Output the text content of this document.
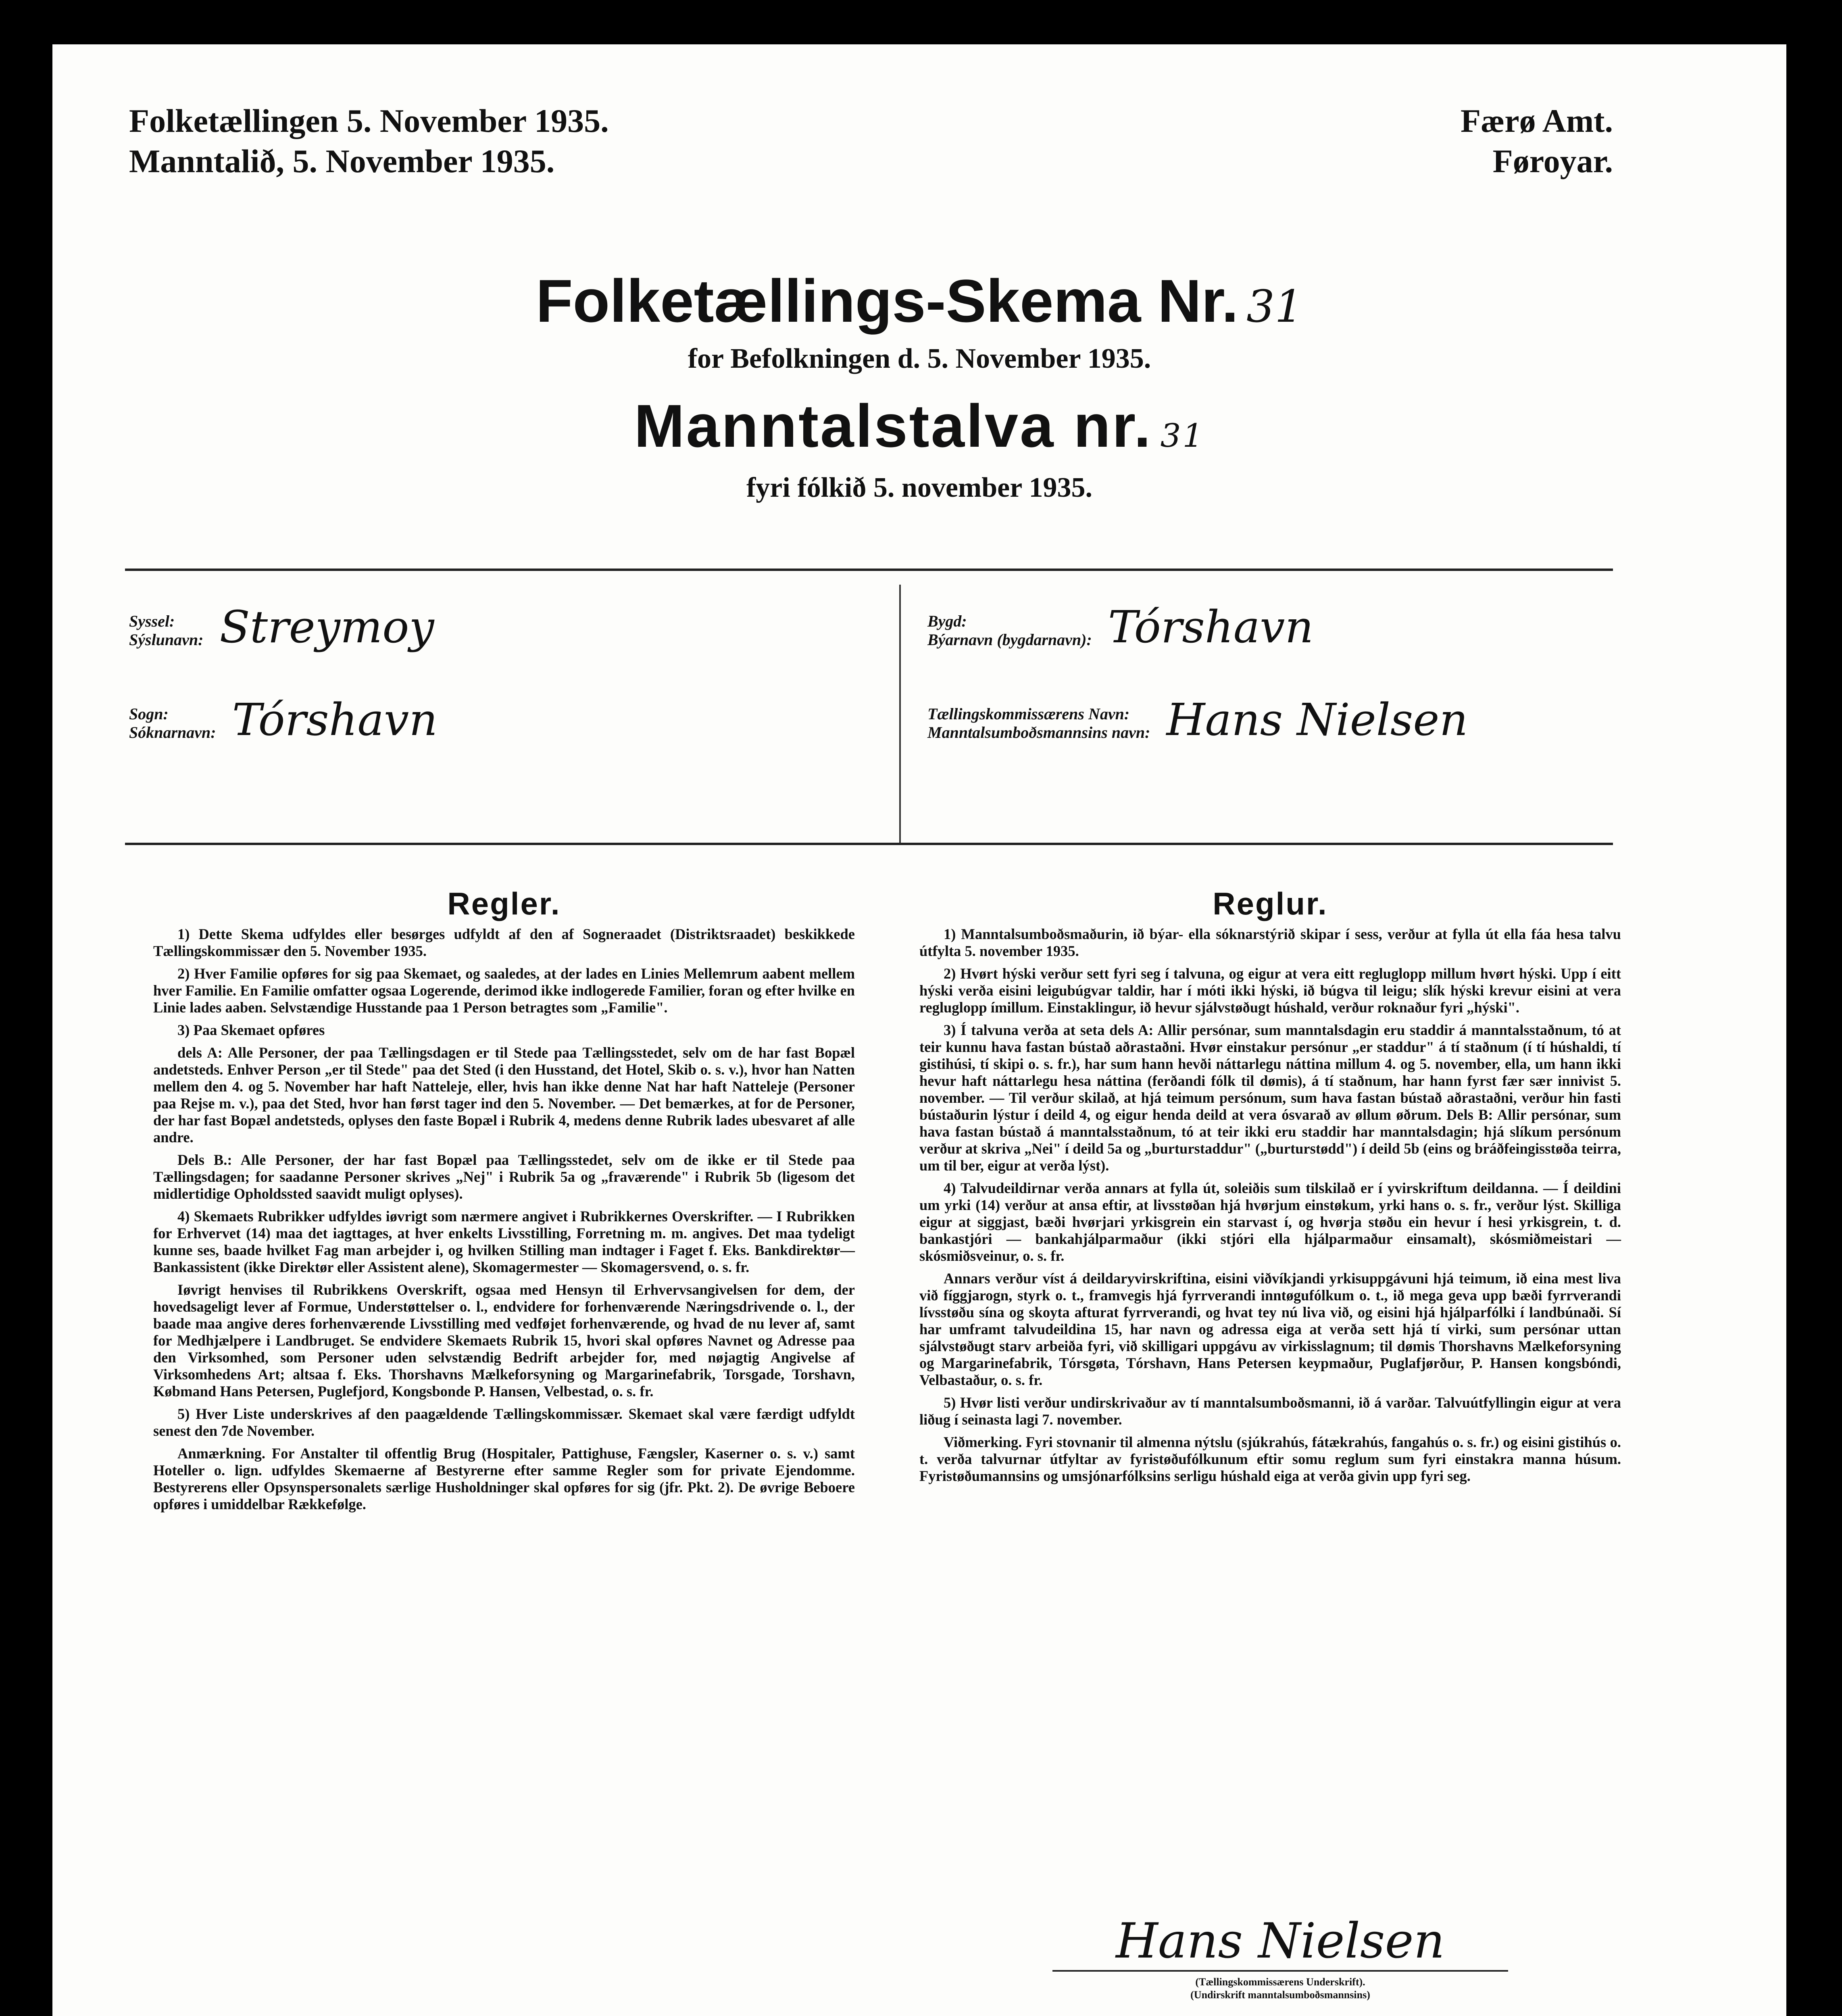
Folketællingen 5. November 1935.
Manntalið, 5. November 1935.
Færø Amt.
Føroyar.
Folketællings-Skema Nr. 31
for Befolkningen d. 5. November 1935.
Manntalstalva nr. 31
fyri fólkið 5. november 1935.
Syssel:
Sýslunavn: Streymoy
Sogn:
Sóknarnavn: Tórshavn
Bygd:
Býarnavn (bygdarnavn): Tórshavn
Tællingskommissærens Navn:
Manntalsumboðsmannsins navn: Hans Nielsen
Regler.

1) Dette Skema udfyldes eller besørges udfyldt af den af Sogneraadet (Distriktsraadet) beskikkede Tællingskommissær den 5. November 1935.

2) Hver Familie opføres for sig paa Skemaet, og saaledes, at der lades en Linies Mellemrum aabent mellem hver Familie. En Familie omfatter ogsaa Logerende, derimod ikke indlogerede Familier, foran og efter hvilke en Linie lades aaben. Selvstændige Husstande paa 1 Person betragtes som „Familie".

3) Paa Skemaet opføres

dels A: Alle Personer, der paa Tællingsdagen er til Stede paa Tællingsstedet, selv om de har fast Bopæl andetsteds. Enhver Person „er til Stede" paa det Sted (i den Husstand, det Hotel, Skib o. s. v.), hvor han Natten mellem den 4. og 5. November har haft Natteleje, eller, hvis han ikke denne Nat har haft Natteleje (Personer paa Rejse m. v.), paa det Sted, hvor han først tager ind den 5. November. — Det bemærkes, at for de Personer, der har fast Bopæl andetsteds, oplyses den faste Bopæl i Rubrik 4, medens denne Rubrik lades ubesvaret af alle andre.

Dels B.: Alle Personer, der har fast Bopæl paa Tællingsstedet, selv om de ikke er til Stede paa Tællingsdagen; for saadanne Personer skrives „Nej" i Rubrik 5a og „fraværende" i Rubrik 5b (ligesom det midlertidige Opholdssted saavidt muligt oplyses).

4) Skemaets Rubrikker udfyldes iøvrigt som nærmere angivet i Rubrikkernes Overskrifter. — I Rubrikken for Erhvervet (14) maa det iagttages, at hver enkelts Livsstilling, Forretning m. m. angives. Det maa tydeligt kunne ses, baade hvilket Fag man arbejder i, og hvilken Stilling man indtager i Faget f. Eks. Bankdirektør—Bankassistent (ikke Direktør eller Assistent alene), Skomagermester — Skomagersvend, o. s. fr.

Iøvrigt henvises til Rubrikkens Overskrift, ogsaa med Hensyn til Erhvervsangivelsen for dem, der hovedsageligt lever af Formue, Understøttelser o. l., endvidere for forhenværende Næringsdrivende o. l., der baade maa angive deres forhenværende Livsstilling med vedføjet forhenværende, og hvad de nu lever af, samt for Medhjælpere i Landbruget. Se endvidere Skemaets Rubrik 15, hvori skal opføres Navnet og Adresse paa den Virksomhed, som Personer uden selvstændig Bedrift arbejder for, med nøjagtig Angivelse af Virksomhedens Art; altsaa f. Eks. Thorshavns Mælkeforsyning og Margarinefabrik, Torsgade, Torshavn, Købmand Hans Petersen, Puglefjord, Kongsbonde P. Hansen, Velbestad, o. s. fr.

5) Hver Liste underskrives af den paagældende Tællingskommissær. Skemaet skal være færdigt udfyldt senest den 7de November.

Anmærkning. For Anstalter til offentlig Brug (Hospitaler, Pattighuse, Fængsler, Kaserner o. s. v.) samt Hoteller o. lign. udfyldes Skemaerne af Bestyrerne efter samme Regler som for private Ejendomme. Bestyrerens eller Opsynspersonalets særlige Husholdninger skal opføres for sig (jfr. Pkt. 2). De øvrige Beboere opføres i umiddelbar Rækkefølge.

Reglur.

1) Manntalsumboðsmaðurin, ið býar- ella sóknarstýrið skipar í sess, verður at fylla út ella fáa hesa talvu útfylta 5. november 1935.

2) Hvørt hýski verður sett fyri seg í talvuna, og eigur at vera eitt regluglopp millum hvørt hýski. Upp í eitt hýski verða eisini leigubúgvar taldir, har í móti ikki hýski, ið búgva til leigu; slík hýski krevur eisini at vera regluglopp ímillum. Einstaklingur, ið hevur sjálvstøðugt húshald, verður roknaður fyri „hýski".

3) Í talvuna verða at seta dels A: Allir persónar, sum manntalsdagin eru staddir á manntalsstaðnum, tó at teir kunnu hava fastan bústað aðrastaðni. Hvør einstakur persónur „er staddur" á tí staðnum (í tí húshaldi, tí gistihúsi, tí skipi o. s. fr.), har sum hann hevði náttarlegu náttina millum 4. og 5. november, ella, um hann ikki hevur haft náttarlegu hesa náttina (ferðandi fólk til dømis), á tí staðnum, har hann fyrst fær sær innivist 5. november. — Til verður skilað, at hjá teimum persónum, sum hava fastan bústað aðrastaðni, verður hin fasti bústaðurin lýstur í deild 4, og eigur henda deild at vera ósvarað av øllum øðrum. Dels B: Allir persónar, sum hava fastan bústað á manntalsstaðnum, tó at teir ikki eru staddir har manntalsdagin; hjá slíkum persónum verður at skriva „Nei" í deild 5a og „burturstaddur" („burturstødd") í deild 5b (eins og bráðfeingisstøða teirra, um til ber, eigur at verða lýst).

4) Talvudeildirnar verða annars at fylla út, soleiðis sum tilskilað er í yvirskriftum deildanna. — Í deildini um yrki (14) verður at ansa eftir, at livsstøðan hjá hvørjum einstøkum, yrki hans o. s. fr., verður lýst. Skilliga eigur at siggjast, bæði hvørjari yrkisgrein ein starvast í, og hvørja støðu ein hevur í hesi yrkisgrein, t. d. bankastjóri — bankahjálparmaður (ikki stjóri ella hjálparmaður einsamalt), skósmiðmeistari — skósmiðsveinur, o. s. fr.

Annars verður víst á deildaryvirskriftina, eisini viðvíkjandi yrkisuppgávuni hjá teimum, ið eina mest liva við fíggjarogn, styrk o. t., framvegis hjá fyrrverandi inntøgufólkum o. t., ið mega geva upp bæði fyrrverandi lívsstøðu sína og skoyta afturat fyrrverandi, og hvat tey nú liva við, og eisini hjá hjálparfólki í landbúnaði. Sí har umframt talvudeildina 15, har navn og adressa eiga at verða sett hjá tí virki, sum persónar uttan sjálvstøðugt starv arbeiða fyri, við skilligari uppgávu av virkisslagnum; til dømis Thorshavns Mælkeforsyning og Margarinefabrik, Tórsgøta, Tórshavn, Hans Petersen keypmaður, Puglafjørður, P. Hansen kongsbóndi, Velbastaður, o. s. fr.

5) Hvør listi verður undirskrivaður av tí manntalsumboðsmanni, ið á varðar. Talvuútfyllingin eigur at vera liðug í seinasta lagi 7. november.

Viðmerking. Fyri stovnanir til almenna nýtslu (sjúkrahús, fátækrahús, fangahús o. s. fr.) og eisini gistihús o. t. verða talvurnar útfyltar av fyristøðufólkunum eftir somu reglum sum fyri einstakra manna húsum. Fyristøðumannsins og umsjónarfólksins serligu húshald eiga at verða givin upp fyri seg.

Hans Nielsen
(Tællingskommissærens Underskrift).
(Undirskrift manntalsumboðsmannsins)
